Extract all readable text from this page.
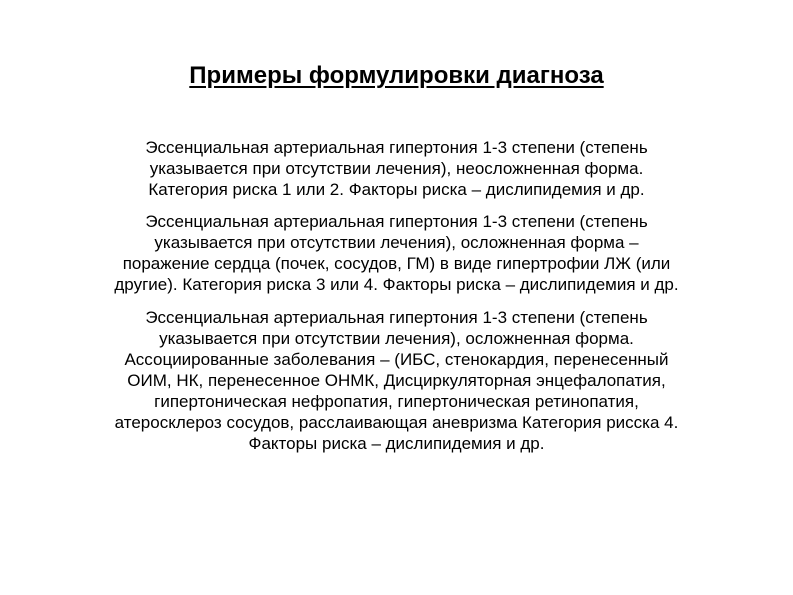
Примеры формулировки диагноза
Эссенциальная артериальная гипертония 1-3 степени (степень
указывается при отсутствии лечения), неосложненная форма.
Категория риска 1 или 2. Факторы риска – дислипидемия и др.
Эссенциальная артериальная гипертония 1-3 степени (степень
указывается при отсутствии лечения), осложненная форма –
поражение сердца (почек, сосудов, ГМ) в виде гипертрофии ЛЖ (или
другие). Категория риска 3 или 4. Факторы риска – дислипидемия и др.
Эссенциальная артериальная гипертония 1-3 степени (степень
указывается при отсутствии лечения), осложненная форма.
Ассоциированные заболевания – (ИБС, стенокардия, перенесенный
ОИМ, НК, перенесенное ОНМК, Дисциркуляторная энцефалопатия,
гипертоническая нефропатия, гипертоническая ретинопатия,
атеросклероз сосудов, расслаивающая аневризма Категория рисска 4.
Факторы риска – дислипидемия и др.
